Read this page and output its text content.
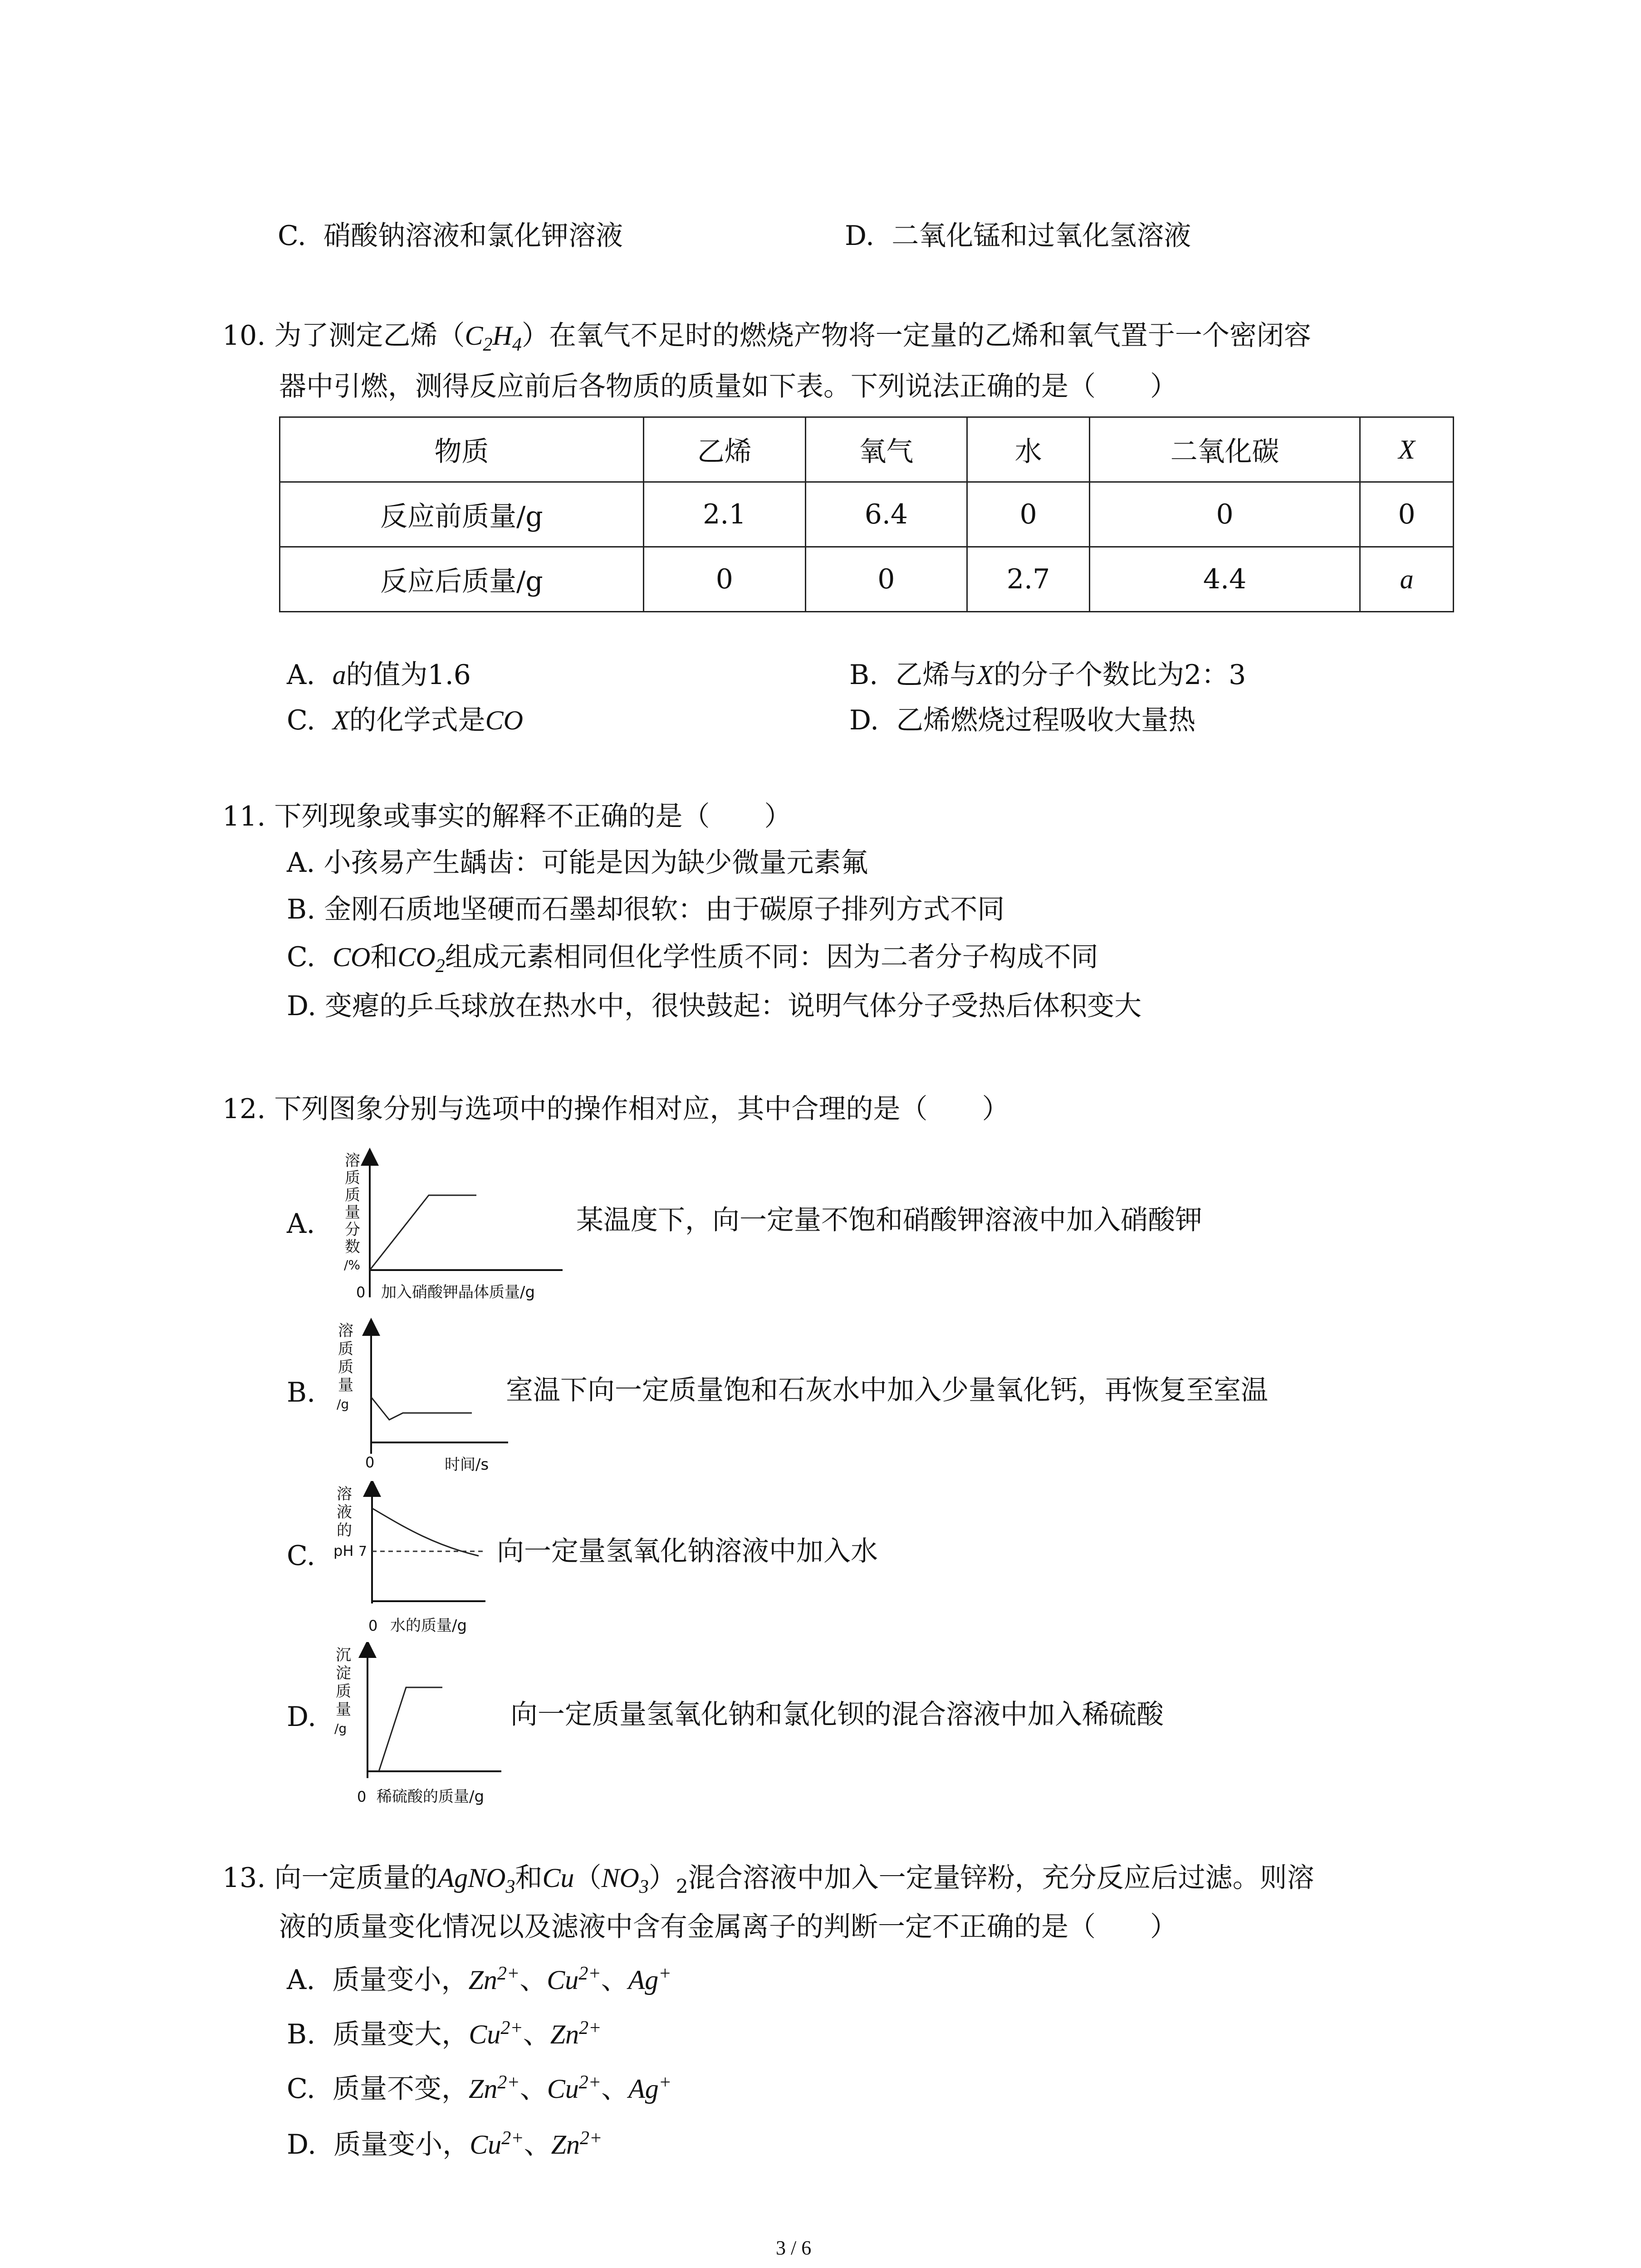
C. 硝酸钠溶液和氯化钾溶液	D. 二氧化锰和过氧化氢溶液
10. 为了测定乙烯$(C_2H_4)$在氧气不足时的燃烧产物将一定量的乙烯和氧气置于一个密闭容
器中引燃，测得反应前后各物质的质量如下表。下列说法正确的是（　　）
物质	乙烯	氧气	水	二氧化碳	X
反应前质量/g	2.1	6.4	0	0	0
反应后质量/g	0	0	2.7	4.4	a
A. a的值为1.6	B. 乙烯与X的分子个数比为2：3
C. X的化学式是CO	D. 乙烯燃烧过程吸收大量热
11. 下列现象或事实的解释不正确的是（　　）
A. 小孩易产生龋齿：可能是因为缺少微量元素氟
B. 金刚石质地坚硬而石墨却很软：由于碳原子排列方式不同
C. CO和$CO_2$组成元素相同但化学性质不同：因为二者分子构成不同
D. 变瘪的乒乓球放在热水中，很快鼓起：说明气体分子受热后体积变大
12. 下列图象分别与选项中的操作相对应，其中合理的是（　　）
A.
溶
质
质
量
分
数
/%
0 加入硝酸钾晶体质量/g
某温度下，向一定量不饱和硝酸钾溶液中加入硝酸钾
B.
溶
质
质
量
/g
0	时间/s
室温下向一定质量饱和石灰水中加入少量氧化钙，再恢复至室温
C.
溶
液
的
pH 7
0 水的质量/g
向一定量氢氧化钠溶液中加入水
D.
沉
淀
质
量
/g
0 稀硫酸的质量/g
向一定质量氢氧化钠和氯化钡的混合溶液中加入稀硫酸
13. 向一定质量的AgNO$_3$和$Cu(NO_3)_2$混合溶液中加入一定量锌粉，充分反应后过滤。则溶
液的质量变化情况以及滤液中含有金属离子的判断一定不正确的是（　　）
A. 质量变小，$Zn^{2+}$、$Cu^{2+}$、Ag+
B. 质量变大，$Cu^{2+}$、$Zn^{2+}$
C. 质量不变，$Zn^{2+}$、$Cu^{2+}$、Ag+
D. 质量变小，$Cu^{2+}$、$Zn^{2+}$
3 / 6
